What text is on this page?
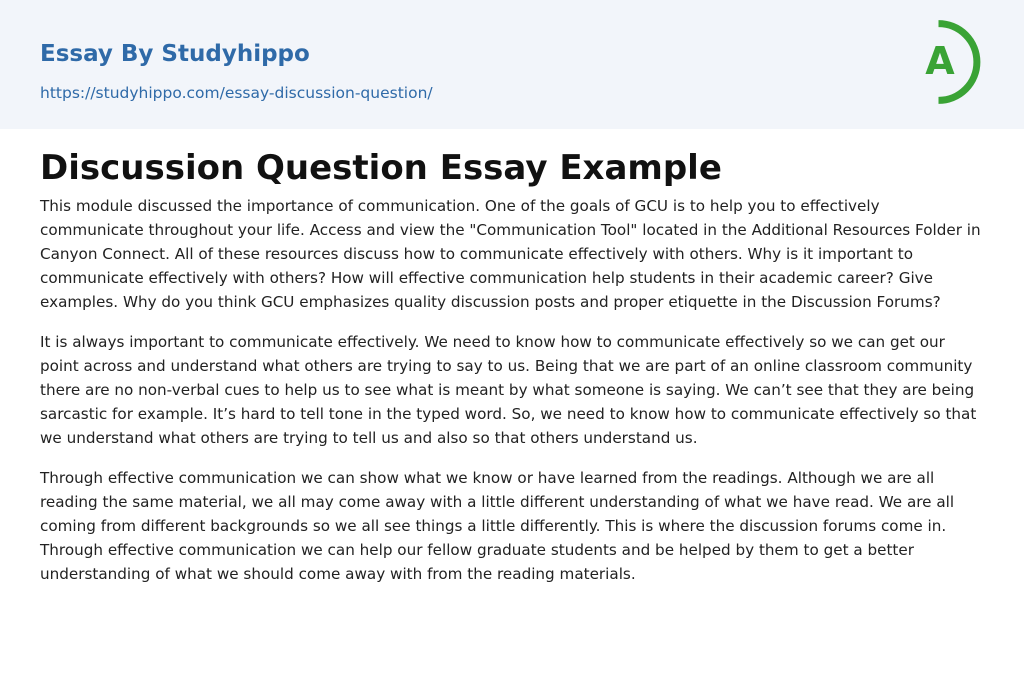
Essay By Studyhippo
https://studyhippo.com/essay-discussion-question/
A
Discussion Question Essay Example

This module discussed the importance of communication. One of the goals of GCU is to help you to effectively communicate throughout your life. Access and view the "Communication Tool" located in the Additional Resources Folder in Canyon Connect. All of these resources discuss how to communicate effectively with others. Why is it important to communicate effectively with others? How will effective communication help students in their academic career? Give examples. Why do you think GCU emphasizes quality discussion posts and proper etiquette in the Discussion Forums?

It is always important to communicate effectively. We need to know how to communicate effectively so we can get our point across and understand what others are trying to say to us. Being that we are part of an online classroom community there are no non-verbal cues to help us to see what is meant by what someone is saying. We can’t see that they are being sarcastic for example. It’s hard to tell tone in the typed word. So, we need to know how to communicate effectively so that we understand what others are trying to tell us and also so that others understand us.

Through effective communication we can show what we know or have learned from the readings. Although we are all reading the same material, we all may come away with a little different understanding of what we have read. We are all coming from different backgrounds so we all see things a little differently. This is where the discussion forums come in. Through effective communication we can help our fellow graduate students and be helped by them to get a better understanding of what we should come away with from the reading materials.
